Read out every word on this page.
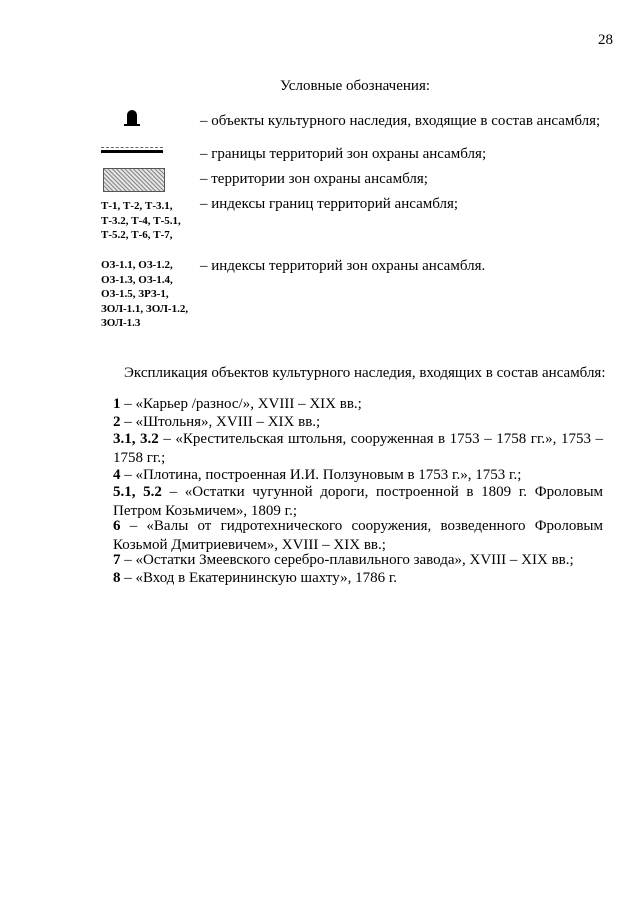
28
Условные обозначения:
– объекты культурного наследия, входящие в состав ансамбля;
– границы территорий зон охраны ансамбля;
– территории зон охраны ансамбля;
Т-1, Т-2, Т-3.1,
Т-3.2, Т-4, Т-5.1,
Т-5.2, Т-6, Т-7,
– индексы границ территорий ансамбля;
ОЗ-1.1, ОЗ-1.2,
ОЗ-1.3, ОЗ-1.4,
ОЗ-1.5, ЗРЗ-1,
ЗОЛ-1.1, ЗОЛ-1.2,
ЗОЛ-1.3
– индексы территорий зон охраны ансамбля.
Экспликация объектов культурного наследия, входящих в состав ансамбля:
1 – «Карьер /разнос/», XVIII – XIX вв.;
2 – «Штольня», XVIII – XIX вв.;
3.1, 3.2 – «Крестительская штольня, сооруженная в 1753 – 1758 гг.», 1753 – 1758 гг.;
4 – «Плотина, построенная И.И. Ползуновым в 1753 г.», 1753 г.;
5.1, 5.2 – «Остатки чугунной дороги, построенной в 1809 г. Фроловым Петром Козьмичем», 1809 г.;
6 – «Валы от гидротехнического сооружения, возведенного Фроловым Козьмой Дмитриевичем», XVIII – XIX вв.;
7 – «Остатки Змеевского серебро-плавильного завода», XVIII – XIX вв.;
8 – «Вход в Екатерининскую шахту», 1786 г.
